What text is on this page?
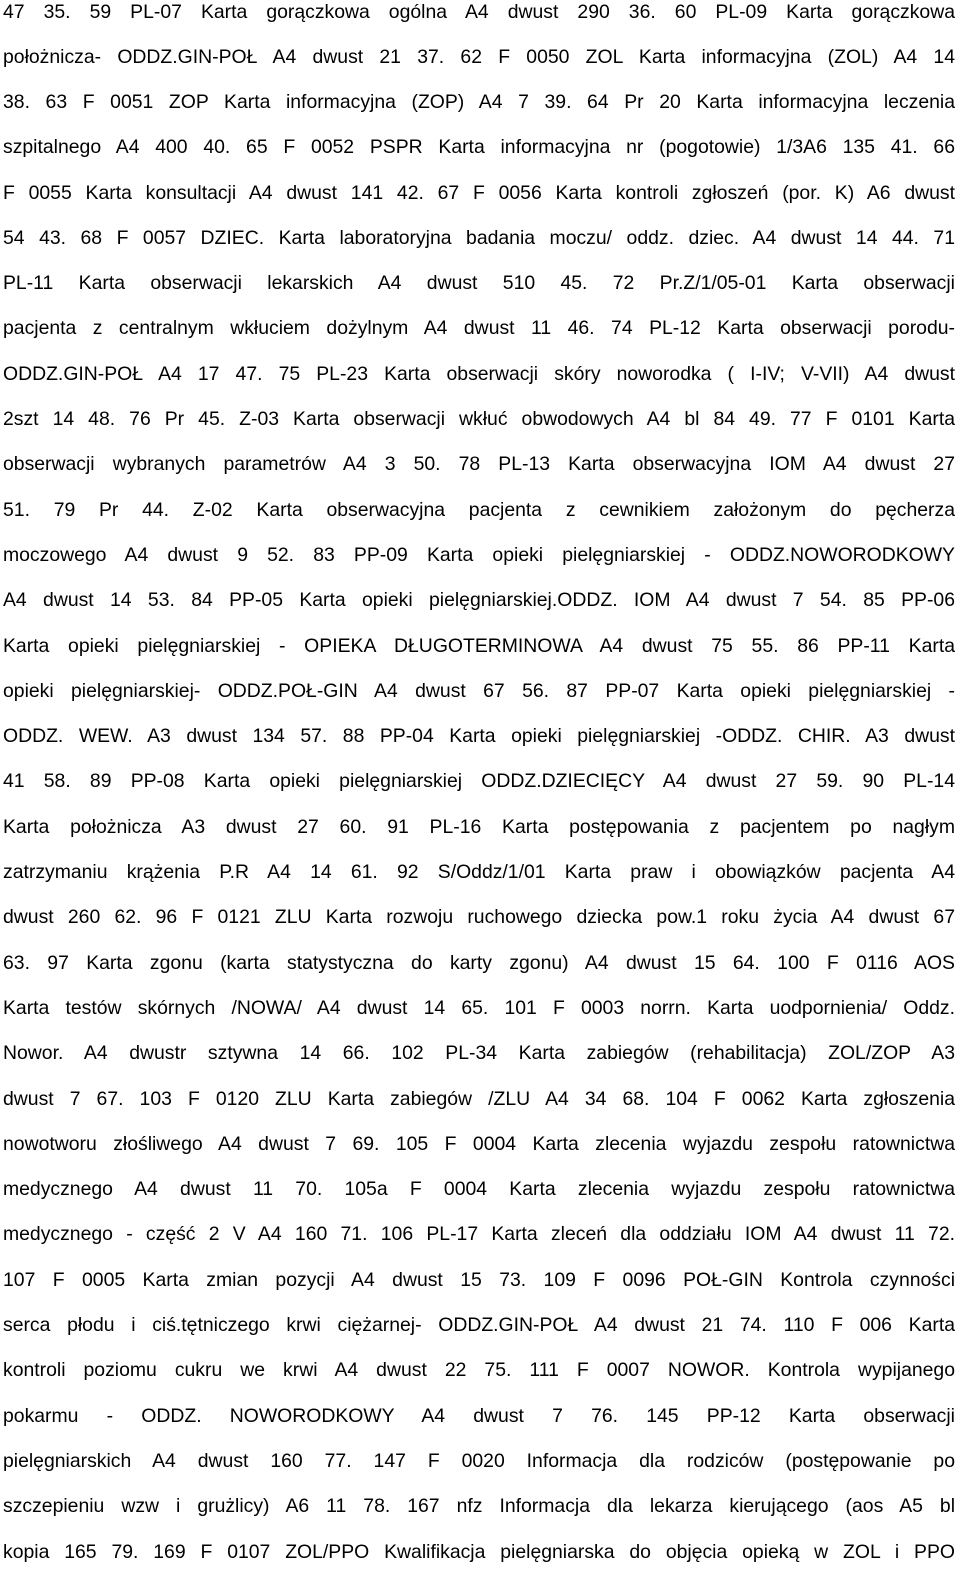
47 35. 59 PL-07 Karta gorączkowa ogólna A4 dwust 290 36. 60 PL-09 Karta gorączkowa
położnicza- ODDZ.GIN-POŁ A4 dwust 21 37. 62 F 0050 ZOL Karta informacyjna (ZOL) A4 14
38. 63 F 0051 ZOP Karta informacyjna (ZOP) A4 7 39. 64 Pr 20 Karta informacyjna leczenia
szpitalnego A4 400 40. 65 F 0052 PSPR Karta informacyjna nr (pogotowie) 1/3A6 135 41. 66
F 0055 Karta konsultacji A4 dwust 141 42. 67 F 0056 Karta kontroli zgłoszeń (por. K) A6 dwust
54 43. 68 F 0057 DZIEC. Karta laboratoryjna badania moczu/ oddz. dziec. A4 dwust 14 44. 71
PL-11 Karta obserwacji lekarskich A4 dwust 510 45. 72 Pr.Z/1/05-01 Karta obserwacji
pacjenta z centralnym wkłuciem dożylnym A4 dwust 11 46. 74 PL-12 Karta obserwacji porodu-
ODDZ.GIN-POŁ A4 17 47. 75 PL-23 Karta obserwacji skóry noworodka ( I-IV; V-VII) A4 dwust
2szt 14 48. 76 Pr 45. Z-03 Karta obserwacji wkłuć obwodowych A4 bl 84 49. 77 F 0101 Karta
obserwacji wybranych parametrów A4 3 50. 78 PL-13 Karta obserwacyjna IOM A4 dwust 27
51. 79 Pr 44. Z-02 Karta obserwacyjna pacjenta z cewnikiem założonym do pęcherza
moczowego A4 dwust 9 52. 83 PP-09 Karta opieki pielęgniarskiej - ODDZ.NOWORODKOWY
A4 dwust 14 53. 84 PP-05 Karta opieki pielęgniarskiej.ODDZ. IOM A4 dwust 7 54. 85 PP-06
Karta opieki pielęgniarskiej - OPIEKA DŁUGOTERMINOWA A4 dwust 75 55. 86 PP-11 Karta
opieki pielęgniarskiej- ODDZ.POŁ-GIN A4 dwust 67 56. 87 PP-07 Karta opieki pielęgniarskiej -
ODDZ. WEW. A3 dwust 134 57. 88 PP-04 Karta opieki pielęgniarskiej -ODDZ. CHIR. A3 dwust
41 58. 89 PP-08 Karta opieki pielęgniarskiej ODDZ.DZIECIĘCY A4 dwust 27 59. 90 PL-14
Karta położnicza A3 dwust 27 60. 91 PL-16 Karta postępowania z pacjentem po nagłym
zatrzymaniu krążenia P.R A4 14 61. 92 S/Oddz/1/01 Karta praw i obowiązków pacjenta A4
dwust 260 62. 96 F 0121 ZLU Karta rozwoju ruchowego dziecka pow.1 roku życia A4 dwust 67
63. 97 Karta zgonu (karta statystyczna do karty zgonu) A4 dwust 15 64. 100 F 0116 AOS
Karta testów skórnych /NOWA/ A4 dwust 14 65. 101 F 0003 norrn. Karta uodpornienia/ Oddz.
Nowor. A4 dwustr sztywna 14 66. 102 PL-34 Karta zabiegów (rehabilitacja) ZOL/ZOP A3
dwust 7 67. 103 F 0120 ZLU Karta zabiegów /ZLU A4 34 68. 104 F 0062 Karta zgłoszenia
nowotworu złośliwego A4 dwust 7 69. 105 F 0004 Karta zlecenia wyjazdu zespołu ratownictwa
medycznego A4 dwust 11 70. 105a F 0004 Karta zlecenia wyjazdu zespołu ratownictwa
medycznego - część 2 V A4 160 71. 106 PL-17 Karta zleceń dla oddziału IOM A4 dwust 11 72.
107 F 0005 Karta zmian pozycji A4 dwust 15 73. 109 F 0096 POŁ-GIN Kontrola czynności
serca płodu i ciś.tętniczego krwi ciężarnej- ODDZ.GIN-POŁ A4 dwust 21 74. 110 F 006 Karta
kontroli poziomu cukru we krwi A4 dwust 22 75. 111 F 0007 NOWOR. Kontrola wypijanego
pokarmu - ODDZ. NOWORODKOWY A4 dwust 7 76. 145 PP-12 Karta obserwacji
pielęgniarskich A4 dwust 160 77. 147 F 0020 Informacja dla rodziców (postępowanie po
szczepieniu wzw i grużlicy) A6 11 78. 167 nfz Informacja dla lekarza kierującego (aos A5 bl
kopia 165 79. 169 F 0107 ZOL/PPO Kwalifikacja pielęgniarska do objęcia opieką w ZOL i PPO
